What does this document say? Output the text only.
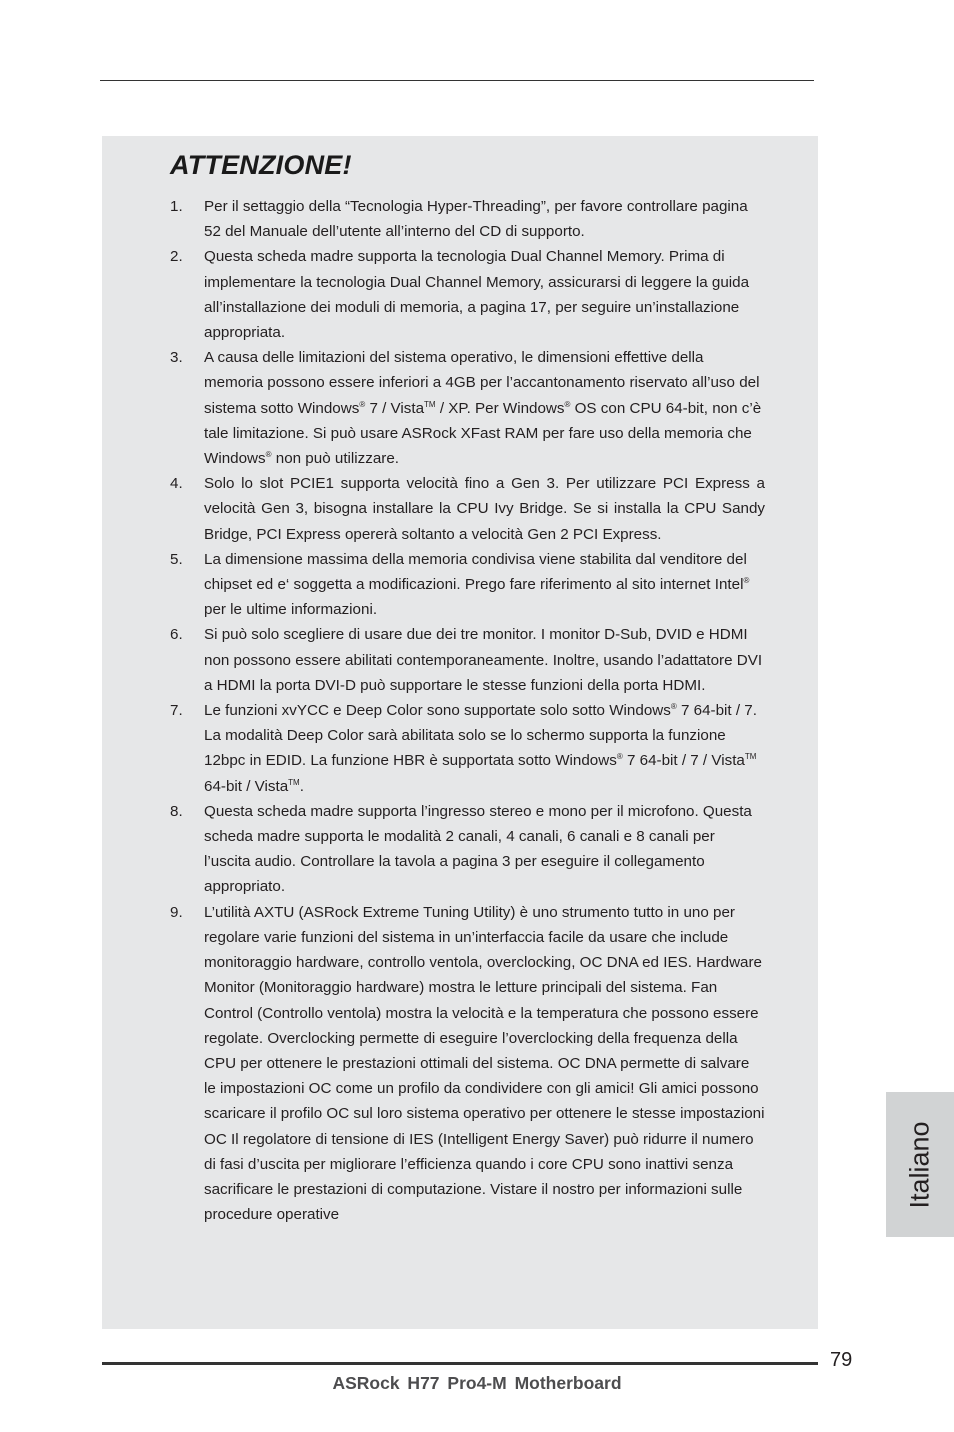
ATTENZIONE!
1.	Per il settaggio della “Tecnologia Hyper-Threading”, per favore controllare pagina 52 del Manuale dell’utente all’interno del CD di supporto.
2.	Questa scheda madre supporta la tecnologia Dual Channel Memory. Prima di implementare la tecnologia Dual Channel Memory, assicurarsi di leggere la guida all’installazione dei moduli di memoria, a pagina 17, per seguire un’installazione appropriata.
3.	A causa delle limitazioni del sistema operativo, le dimensioni effettive della memoria possono essere inferiori a 4GB per l’accantonamento riservato all’uso del sistema sotto Windows® 7 / Vista™ / XP. Per Windows® OS con CPU 64-bit, non c’è tale limitazione. Si può usare ASRock XFast RAM per fare uso della memoria che Windows® non può utilizzare.
4.	Solo lo slot PCIE1 supporta velocità fino a Gen 3. Per utilizzare PCI Express a velocità Gen 3, bisogna installare la CPU Ivy Bridge. Se si installa la CPU Sandy Bridge, PCI Express opererà soltanto a velocità Gen 2 PCI Express.
5.	La dimensione massima della memoria condivisa viene stabilita dal venditore del chipset ed e‘ soggetta a modificazioni. Prego fare riferimento al sito internet Intel® per le ultime informazioni.
6.	Si può solo scegliere di usare due dei tre monitor. I monitor D-Sub, DVID e HDMI non possono essere abilitati contemporaneamente. Inoltre, usando l’adattatore DVI a HDMI la porta DVI-D può supportare le stesse funzioni della porta HDMI.
7.	Le funzioni xvYCC e Deep Color sono supportate solo sotto Windows® 7 64-bit / 7. La modalità Deep Color sarà abilitata solo se lo schermo supporta la funzione 12bpc in EDID. La funzione HBR è supportata sotto Windows® 7 64-bit / 7 / Vista™ 64-bit / Vista™.
8.	Questa scheda madre supporta l’ingresso stereo e mono per il microfono. Questa scheda madre supporta le modalità 2 canali, 4 canali, 6 canali e 8 canali per l’uscita audio. Controllare la tavola a pagina 3 per eseguire il collegamento appropriato.
9.	L’utilità AXTU (ASRock Extreme Tuning Utility) è uno strumento tutto in uno per regolare varie funzioni del sistema in un’interfaccia facile da usare che include monitoraggio hardware, controllo ventola, overclocking, OC DNA ed IES. Hardware Monitor (Monitoraggio hardware) mostra le letture principali del sistema. Fan Control (Controllo ventola) mostra la velocità e la temperatura che possono essere regolate. Overclocking permette di eseguire l’overclocking della frequenza della CPU per ottenere le prestazioni ottimali del sistema. OC DNA permette di salvare le impostazioni OC come un profilo da condividere con gli amici! Gli amici possono scaricare il profilo OC sul loro sistema operativo per ottenere le stesse impostazioni OC Il regolatore di tensione di IES (Intelligent Energy Saver) può ridurre il numero di fasi d’uscita per migliorare l’efficienza quando i core CPU sono inattivi senza sacrificare le prestazioni di computazione. Vistare il nostro per informazioni sulle procedure operative
Italiano
79
ASRock H77 Pro4-M Motherboard
